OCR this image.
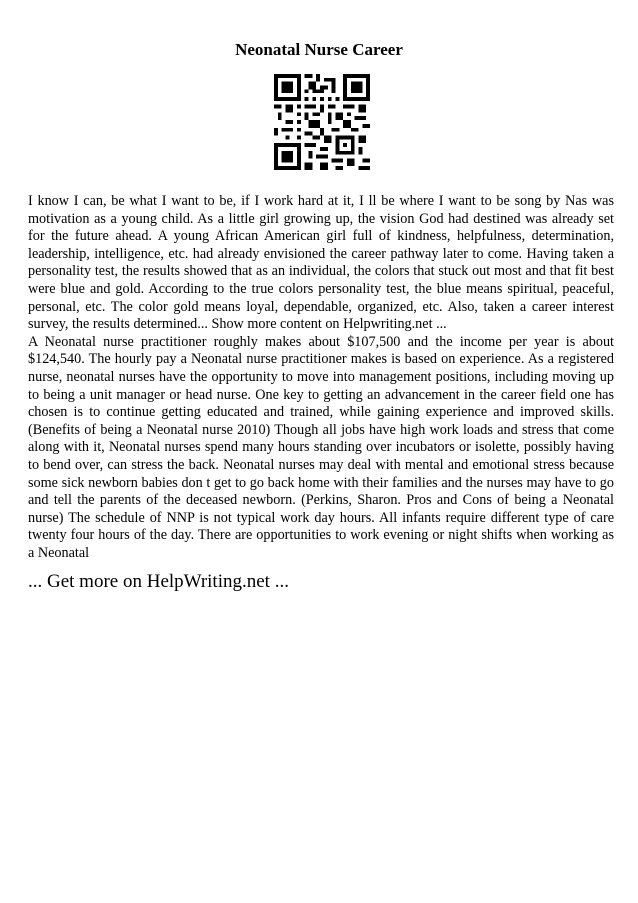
Neonatal Nurse Career

I know I can, be what I want to be, if I work hard at it, I ll be where I want to be song by Nas was motivation as a young child. As a little girl growing up, the vision God had destined was already set for the future ahead. A young African American girl full of kindness, helpfulness, determination, leadership, intelligence, etc. had already envisioned the career pathway later to come. Having taken a personality test, the results showed that as an individual, the colors that stuck out most and that fit best were blue and gold. According to the true colors personality test, the blue means spiritual, peaceful, personal, etc. The color gold means loyal, dependable, organized, etc. Also, taken a career interest survey, the results determined... Show more content on Helpwriting.net ...

A Neonatal nurse practitioner roughly makes about $107,500 and the income per year is about $124,540. The hourly pay a Neonatal nurse practitioner makes is based on experience. As a registered nurse, neonatal nurses have the opportunity to move into management positions, including moving up to being a unit manager or head nurse. One key to getting an advancement in the career field one has chosen is to continue getting educated and trained, while gaining experience and improved skills.(Benefits of being a Neonatal nurse 2010) Though all jobs have high work loads and stress that come along with it, Neonatal nurses spend many hours standing over incubators or isolette, possibly having to bend over, can stress the back. Neonatal nurses may deal with mental and emotional stress because some sick newborn babies don t get to go back home with their families and the nurses may have to go and tell the parents of the deceased newborn. (Perkins, Sharon. Pros and Cons of being a Neonatal nurse) The schedule of NNP is not typical work day hours. All infants require different type of care twenty four hours of the day. There are opportunities to work evening or night shifts when working as a Neonatal

... Get more on HelpWriting.net ...
